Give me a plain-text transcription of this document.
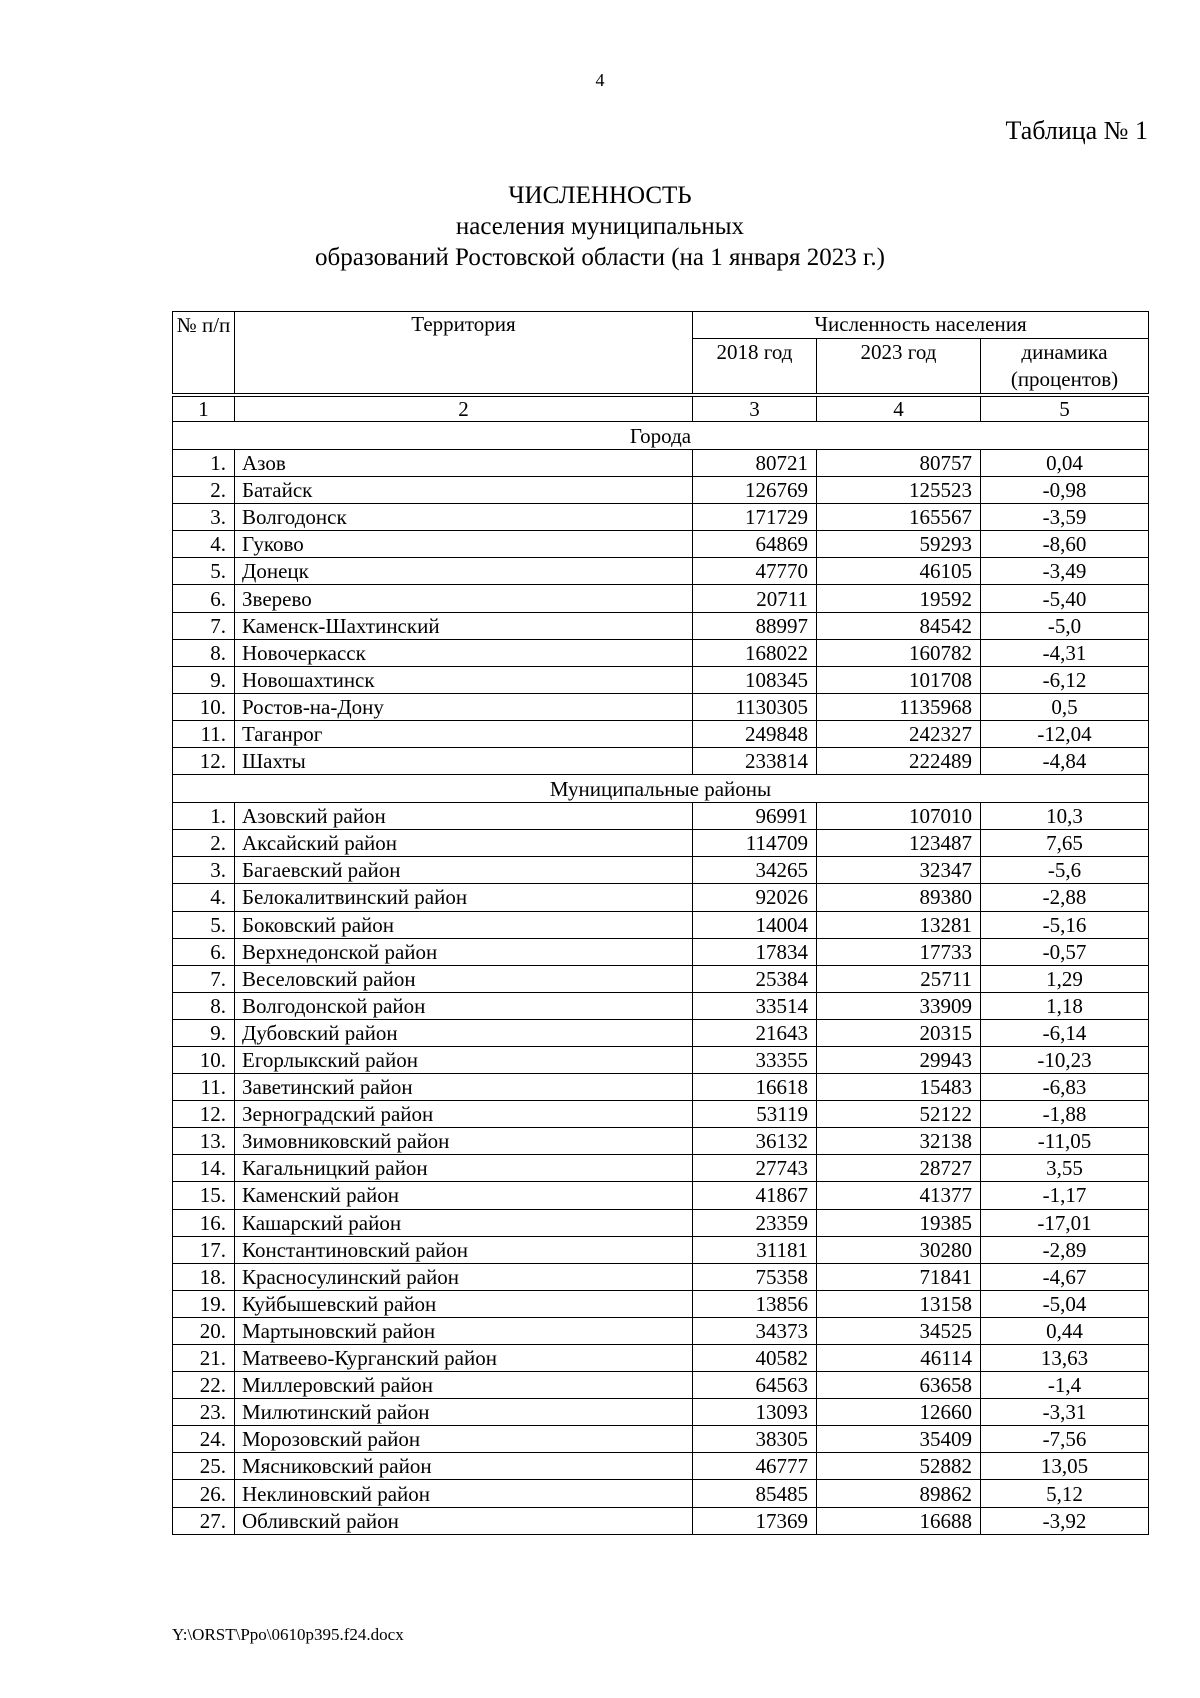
4
Таблица № 1
ЧИСЛЕННОСТЬ
населения муниципальных
образований Ростовской области (на 1 января 2023 г.)
№ п/п	Территория	Численность населения		
		2018 год	2023 год	динамика (процентов)
1	2	3	4	5
Города				
1.	Азов	80721	80757	0,04
2.	Батайск	126769	125523	-0,98
3.	Волгодонск	171729	165567	-3,59
4.	Гуково	64869	59293	-8,60
5.	Донецк	47770	46105	-3,49
6.	Зверево	20711	19592	-5,40
7.	Каменск-Шахтинский	88997	84542	-5,0
8.	Новочеркасск	168022	160782	-4,31
9.	Новошахтинск	108345	101708	-6,12
10.	Ростов-на-Дону	1130305	1135968	0,5
11.	Таганрог	249848	242327	-12,04
12.	Шахты	233814	222489	-4,84
Муниципальные районы				
1.	Азовский район	96991	107010	10,3
2.	Аксайский район	114709	123487	7,65
3.	Багаевский район	34265	32347	-5,6
4.	Белокалитвинский район	92026	89380	-2,88
5.	Боковский район	14004	13281	-5,16
6.	Верхнедонской район	17834	17733	-0,57
7.	Веселовский район	25384	25711	1,29
8.	Волгодонской район	33514	33909	1,18
9.	Дубовский район	21643	20315	-6,14
10.	Егорлыкский район	33355	29943	-10,23
11.	Заветинский район	16618	15483	-6,83
12.	Зерноградский район	53119	52122	-1,88
13.	Зимовниковский район	36132	32138	-11,05
14.	Кагальницкий район	27743	28727	3,55
15.	Каменский район	41867	41377	-1,17
16.	Кашарский район	23359	19385	-17,01
17.	Константиновский район	31181	30280	-2,89
18.	Красносулинский район	75358	71841	-4,67
19.	Куйбышевский район	13856	13158	-5,04
20.	Мартыновский район	34373	34525	0,44
21.	Матвеево-Курганский район	40582	46114	13,63
22.	Миллеровский район	64563	63658	-1,4
23.	Милютинский район	13093	12660	-3,31
24.	Морозовский район	38305	35409	-7,56
25.	Мясниковский район	46777	52882	13,05
26.	Неклиновский район	85485	89862	5,12
27.	Обливский район	17369	16688	-3,92
Y:\ORST\Ppo\0610p395.f24.docx
